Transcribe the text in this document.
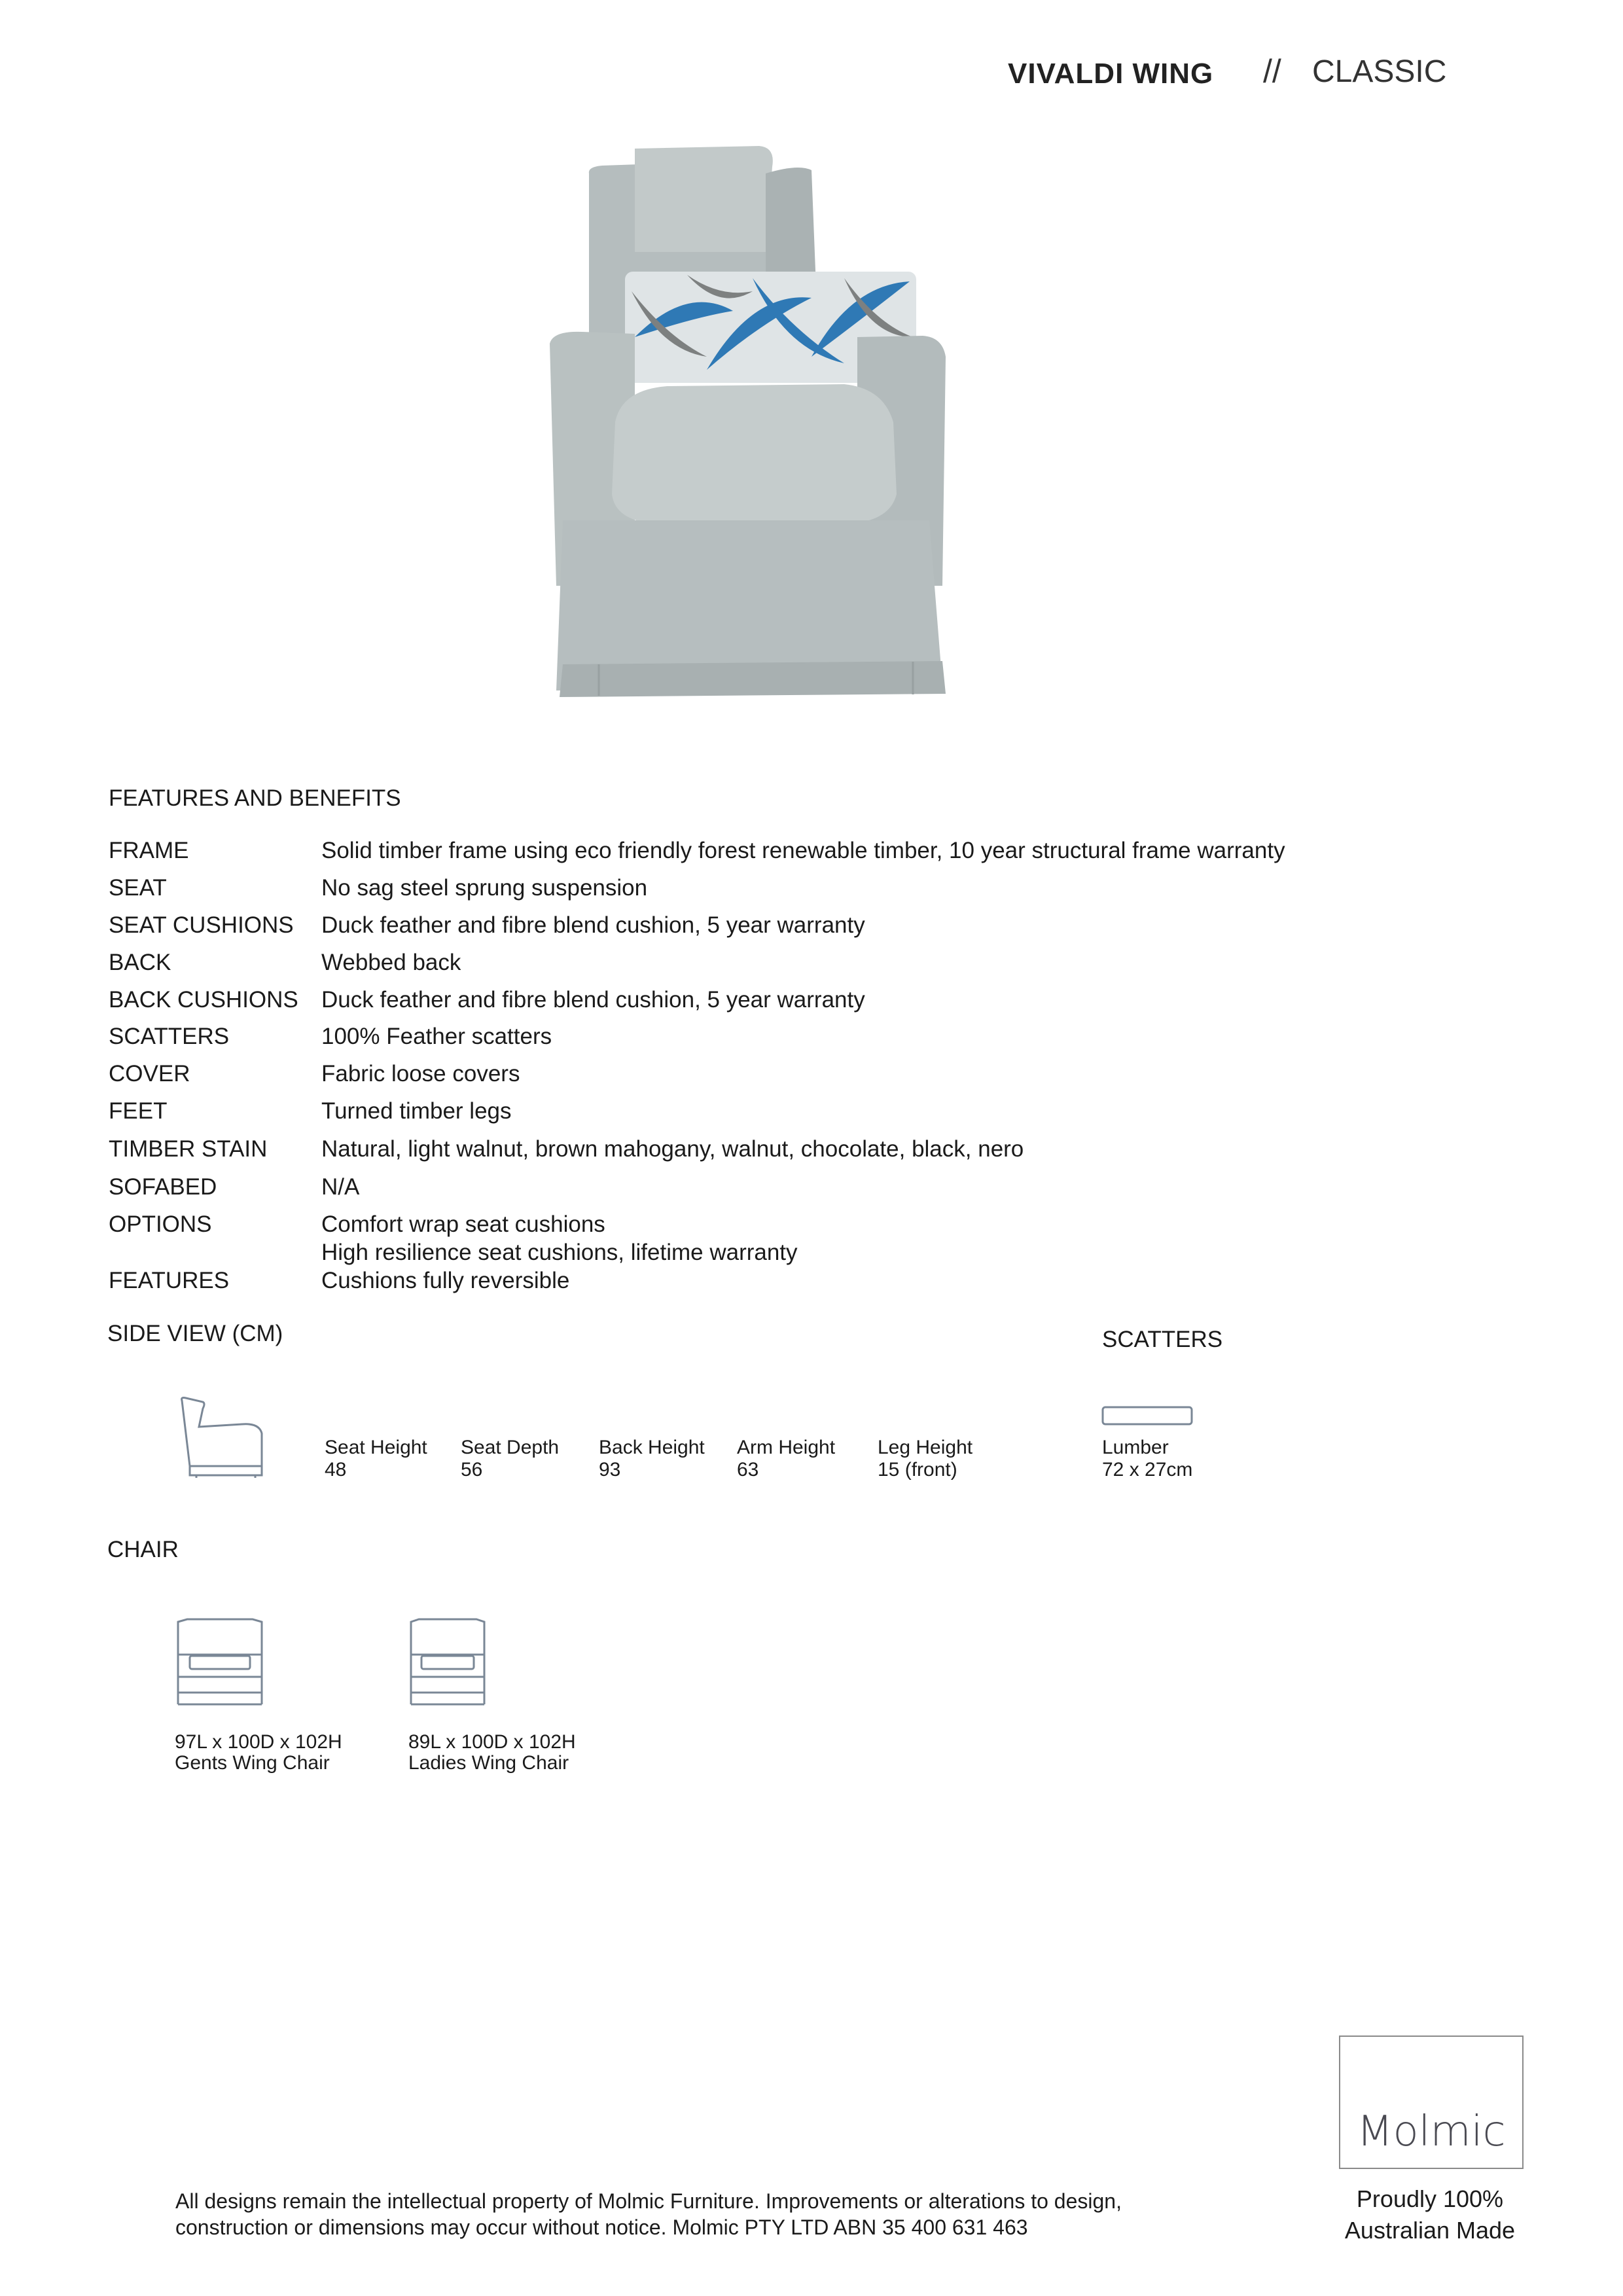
VIVALDI WING // CLASSIC
FEATURES AND BENEFITS
FRAME	Solid timber frame using eco friendly forest renewable timber, 10 year structural frame warranty
SEAT	No sag steel sprung suspension
SEAT CUSHIONS Duck feather and fibre blend cushion, 5 year warranty
BACK	Webbed back
BACK CUSHIONS Duck feather and fibre blend cushion, 5 year warranty
SCATTERS	100% Feather scatters
COVER	Fabric loose covers
FEET	Turned timber legs
TIMBER STAIN Natural, light walnut, brown mahogany, walnut, chocolate, black, nero
SOFABED	N/A
OPTIONS	Comfort wrap seat cushions
High resilience seat cushions, lifetime warranty
FEATURES	Cushions fully reversible
SIDE VIEW (CM)
Seat Height
48
Seat Depth
56
Back Height
93
Arm Height
63
Leg Height
15 (front)
SCATTERS
Lumber
72 x 27cm
CHAIR
97L x 100D x 102H
Gents Wing Chair
89L x 100D x 102H
Ladies Wing Chair
All designs remain the intellectual property of Molmic Furniture. Improvements or alterations to design,
construction or dimensions may occur without notice. Molmic PTY LTD ABN 35 400 631 463
Molmic
Proudly 100%
Australian Made
